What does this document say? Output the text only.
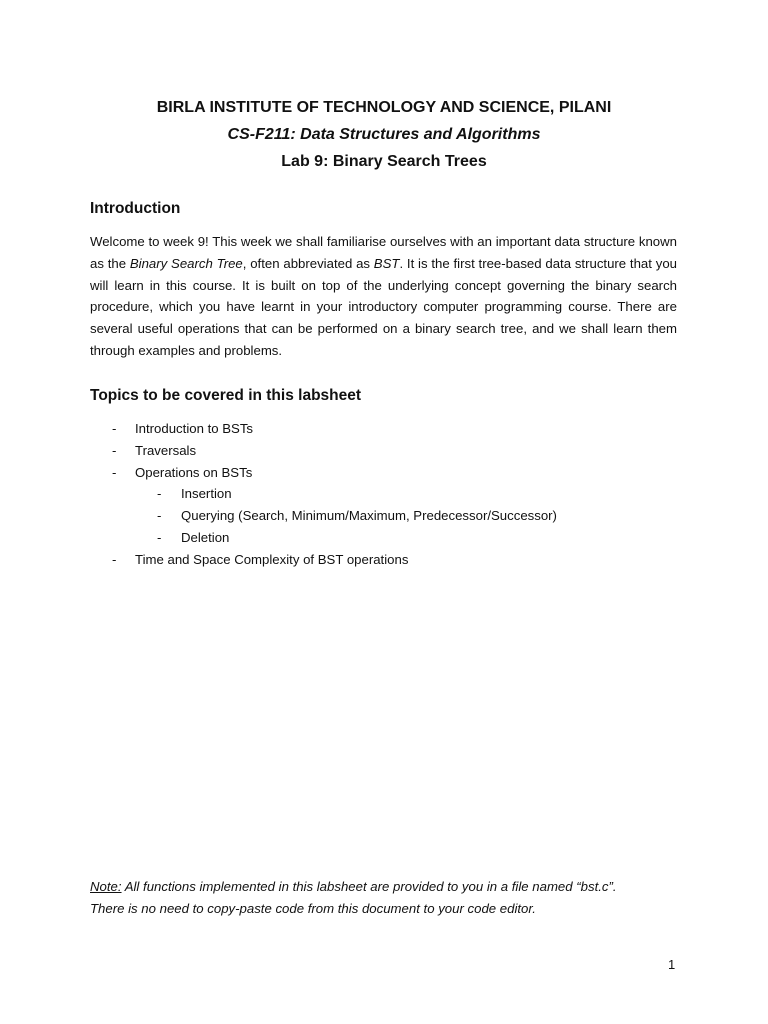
BIRLA INSTITUTE OF TECHNOLOGY AND SCIENCE, PILANI
CS-F211: Data Structures and Algorithms
Lab 9: Binary Search Trees
Introduction
Welcome to week 9! This week we shall familiarise ourselves with an important data structure known as the Binary Search Tree, often abbreviated as BST. It is the first tree-based data structure that you will learn in this course. It is built on top of the underlying concept governing the binary search procedure, which you have learnt in your introductory computer programming course. There are several useful operations that can be performed on a binary search tree, and we shall learn them through examples and problems.
Topics to be covered in this labsheet
- Introduction to BSTs
- Traversals
- Operations on BSTs
- Insertion
- Querying (Search, Minimum/Maximum, Predecessor/Successor)
- Deletion
- Time and Space Complexity of BST operations
Note: All functions implemented in this labsheet are provided to you in a file named “bst.c”.
There is no need to copy-paste code from this document to your code editor.
1
